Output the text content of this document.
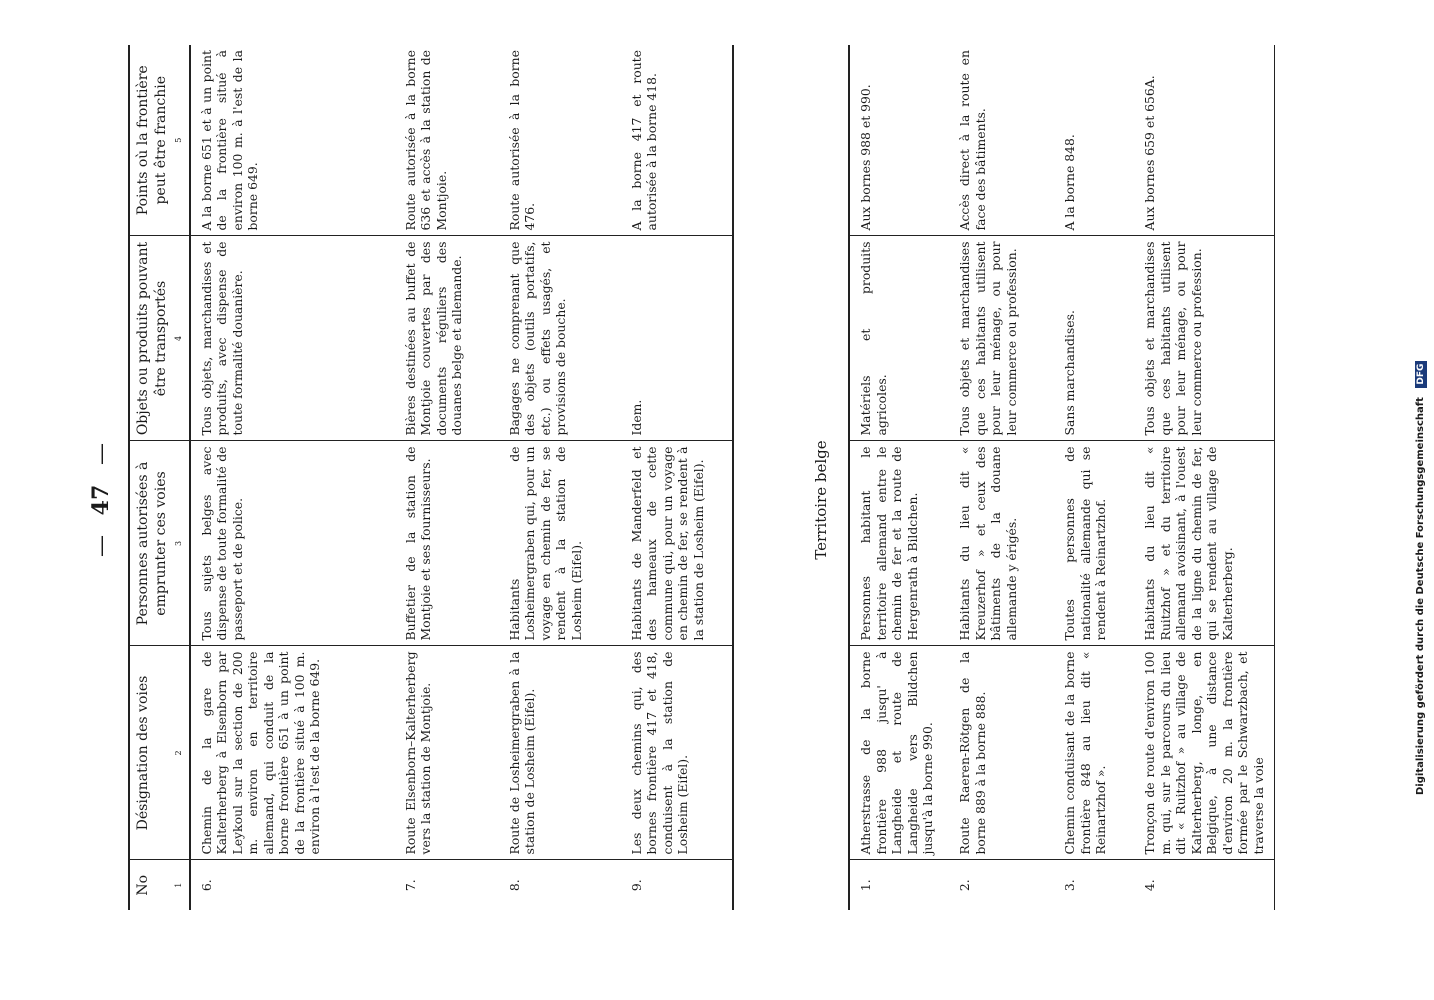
— 47 —
No	Désignation des voies	Personnes autorisées à emprunter ces voies	Objets ou produits pouvant être transportés	Points où la frontière peut être franchie
1	2	3	4	5
6.	Chemin de la gare de Kalterherberg à Elsenborn par Leykoul sur la section de 200 m. environ en territoire allemand, qui conduit de la borne frontière 651 à un point de la frontière situé à 100 m. environ à l'est de la borne 649.	Tous sujets belges avec dispense de toute formalité de passeport et de police.	Tous objets, marchandises et produits, avec dispense de toute formalité douanière.	A la borne 651 et à un point de la frontière situé à environ 100 m. à l'est de la borne 649.
7.	Route Elsenborn–Kalterherberg vers la station de Montjoie.	Buffetier de la station de Montjoie et ses fournisseurs.	Bières destinées au buffet de Montjoie couvertes par des documents réguliers des douanes belge et allemande.	Route autorisée à la borne 636 et accès à la station de Montjoie.
8.	Route de Losheimergraben à la station de Losheim (Eifel).	Habitants de Losheimergraben qui, pour un voyage en chemin de fer, se rendent à la station de Losheim (Eifel).	Bagages ne comprenant que des objets (outils portatifs, etc.) ou effets usagés, et provisions de bouche.	Route autorisée à la borne 476.
9.	Les deux chemins qui, des bornes frontière 417 et 418, conduisent à la station de Losheim (Eifel).	Habitants de Manderfeld et des hameaux de cette commune qui, pour un voyage en chemin de fer, se rendent à la station de Losheim (Eifel).	Idem.	A la borne 417 et route autorisée à la borne 418.
Territoire belge
1.	Atherstrasse de la borne frontière 988 jusqu' à Langheide et route de Langheide vers Bildchen jusqu'à la borne 990.	Personnes habitant le territoire allemand entre le chemin de fer et la route de Hergenrath à Bildchen.	Matériels et produits agricoles.	Aux bornes 988 et 990.
2.	Route Raeren-Rötgen de la borne 889 à la borne 888.	Habitants du lieu dit « Kreuzerhof » et ceux des bâtiments de la douane allemande y érigés.	Tous objets et marchandises que ces habitants utilisent pour leur ménage, ou pour leur commerce ou profession.	Accès direct à la route en face des bâtiments.
3.	Chemin conduisant de la borne frontière 848 au lieu dit « Reinartzhof ».	Toutes personnes de nationalité allemande qui se rendent à Reinartzhof.	Sans marchandises.	A la borne 848.
4.	Tronçon de route d'environ 100 m. qui, sur le parcours du lieu dit « Ruitzhof » au village de Kalterherberg, longe, en Belgique, à une distance d'environ 20 m. la frontière formée par le Schwarzbach, et traverse la voie	Habitants du lieu dit « Ruitzhof » et du territoire allemand avoisinant, à l'ouest de la ligne du chemin de fer, qui se rendent au village de Kalterherberg.	Tous objets et marchandises que ces habitants utilisent pour leur ménage, ou pour leur commerce ou profession.	Aux bornes 659 et 656A.
Digitalisierung gefördert durch die Deutsche Forschungsgemeinschaft DFG
